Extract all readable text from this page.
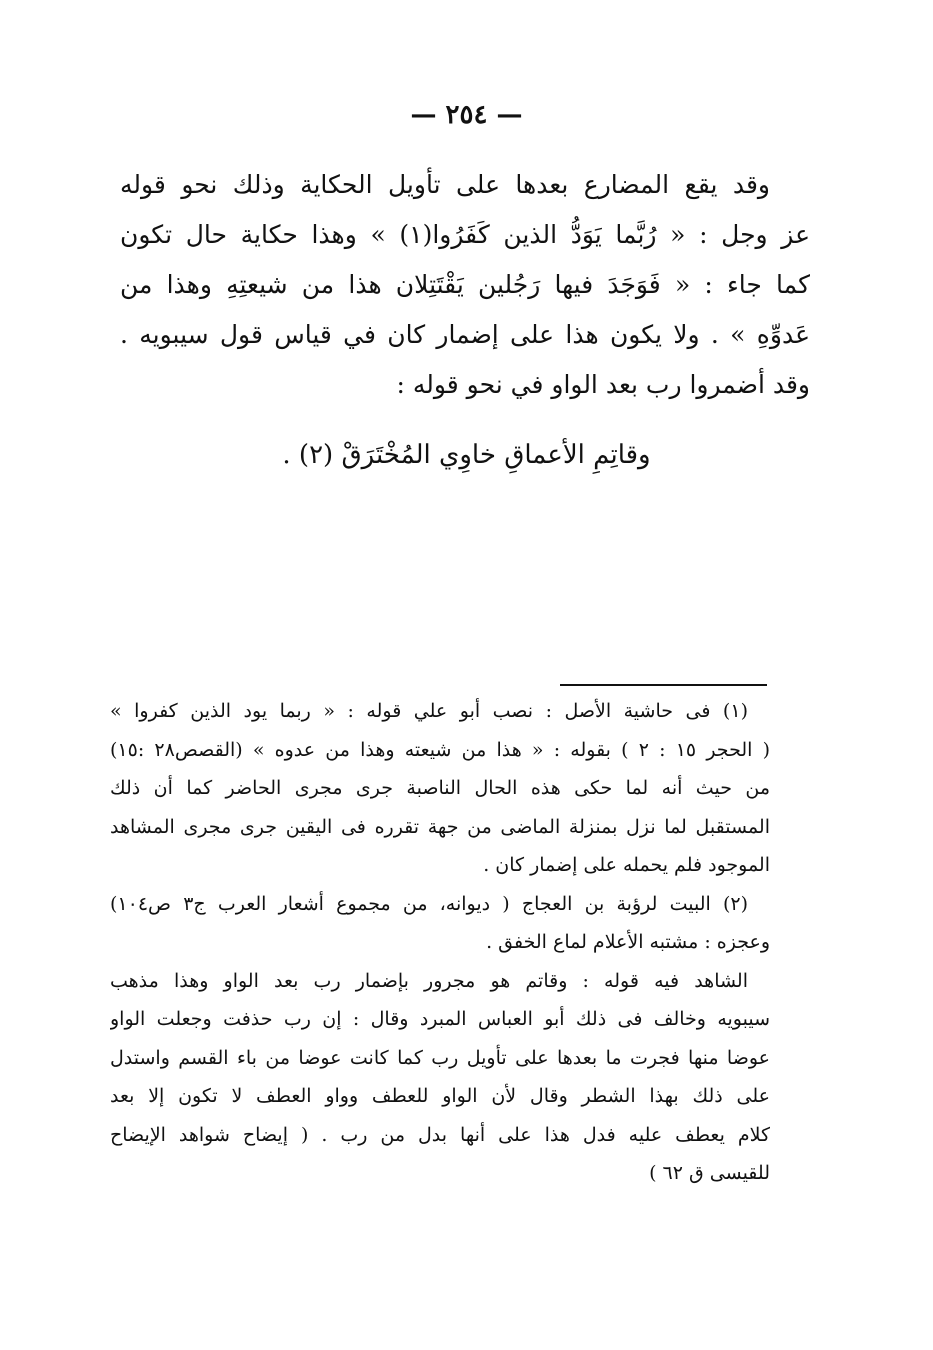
— ٢٥٤ —
وقد يقع المضارع بعدها على تأويل الحكاية وذلك نحو قوله
عز وجل : « رُبَّما يَوَدُّ الذين كَفَرُوا(١) » وهذا حكاية حال تكون
كما جاء : « فَوَجَدَ فيها رَجُلين يَقْتَتِلان هذا من شيعتِهِ وهذا من
عَدوِّهِ » . ولا يكون هذا على إضمار كان في قياس قول سيبويه .
وقد أضمروا رب بعد الواو في نحو قوله :
وقاتِمِ الأعماقِ خاوِي المُخْتَرَقْ (٢) .
(١) فى حاشية الأصل : نصب أبو علي قوله : « ربما يود الذين كفروا »
( الحجر ١٥ : ٢ ) بقوله : « هذا من شيعته وهذا من عدوه » (القصص٢٨ :١٥)
من حيث أنه لما حكى هذه الحال الناصبة جرى مجرى الحاضر كما أن ذلك
المستقبل لما نزل بمنزلة الماضى من جهة تقرره فى اليقين جرى مجرى المشاهد
الموجود فلم يحمله على إضمار كان .
(٢) البيت لرؤبة بن العجاج ( ديوانه، من مجموع أشعار العرب ج٣ ص١٠٤)
وعجزه : مشتبه الأعلام لماع الخفق .
الشاهد فيه قوله : وقاتم هو مجرور بإضمار رب بعد الواو وهذا مذهب
سيبويه وخالف فى ذلك أبو العباس المبرد وقال : إن رب حذفت وجعلت الواو
عوضا منها فجرت ما بعدها على تأويل رب كما كانت عوضا من باء القسم واستدل
على ذلك بهذا الشطر وقال لأن الواو للعطف وواو العطف لا تكون إلا بعد
كلام يعطف عليه فدل هذا على أنها بدل من رب . ( إيضاح شواهد الإيضاح
للقيسى ق ٦٢ )
